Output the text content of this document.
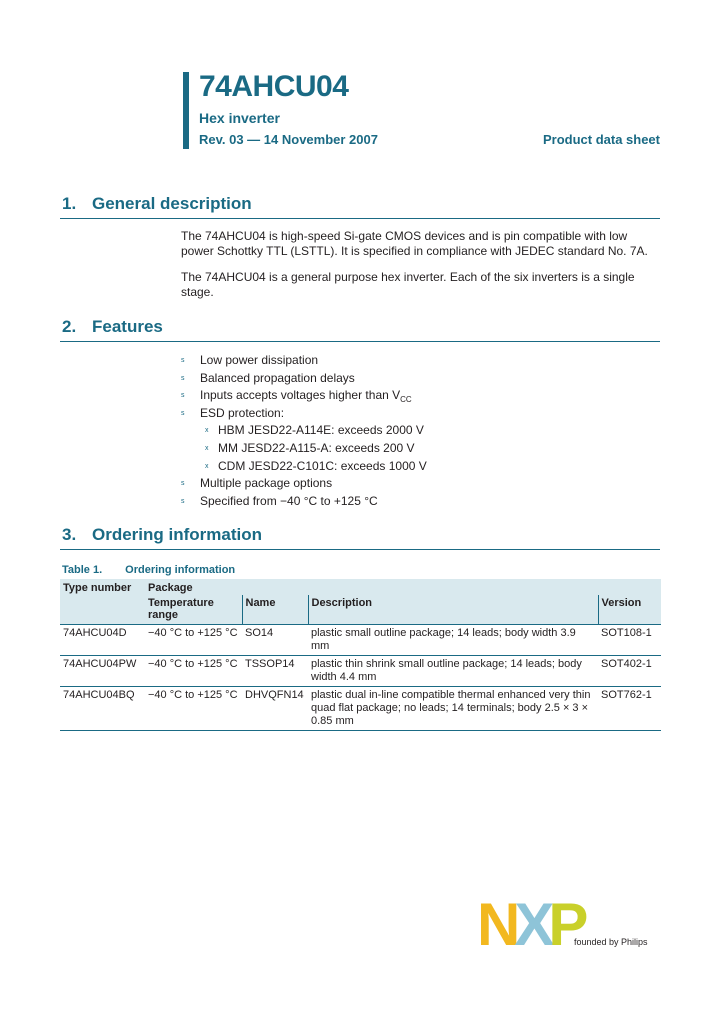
74AHCU04
Hex inverter
Rev. 03 — 14 November 2007	Product data sheet
1. General description
The 74AHCU04 is high-speed Si-gate CMOS devices and is pin compatible with low power Schottky TTL (LSTTL). It is specified in compliance with JEDEC standard No. 7A.
The 74AHCU04 is a general purpose hex inverter. Each of the six inverters is a single stage.
2. Features
s Low power dissipation
s Balanced propagation delays
s Inputs accepts voltages higher than $V_{CC}$
s ESD protection:
x HBM JESD22-A114E: exceeds 2000 V
x MM JESD22-A115-A: exceeds 200 V
x CDM JESD22-C101C: exceeds 1000 V
s Multiple package options
s Specified from −40 °C to +125 °C
3. Ordering information
Table 1. Ordering information
Type number	Package			
	Temperature range	Name	Description	Version
74AHCU04D	−40 °C to +125 °C	SO14	plastic small outline package; 14 leads; body width 3.9 mm	SOT108-1
74AHCU04PW	−40 °C to +125 °C	TSSOP14	plastic thin shrink small outline package; 14 leads; body width 4.4 mm	SOT402-1
74AHCU04BQ	−40 °C to +125 °C	DHVQFN14	plastic dual in-line compatible thermal enhanced very thin quad flat package; no leads; 14 terminals; body 2.5 × 3 × 0.85 mm	SOT762-1
NXP
founded by Philips
